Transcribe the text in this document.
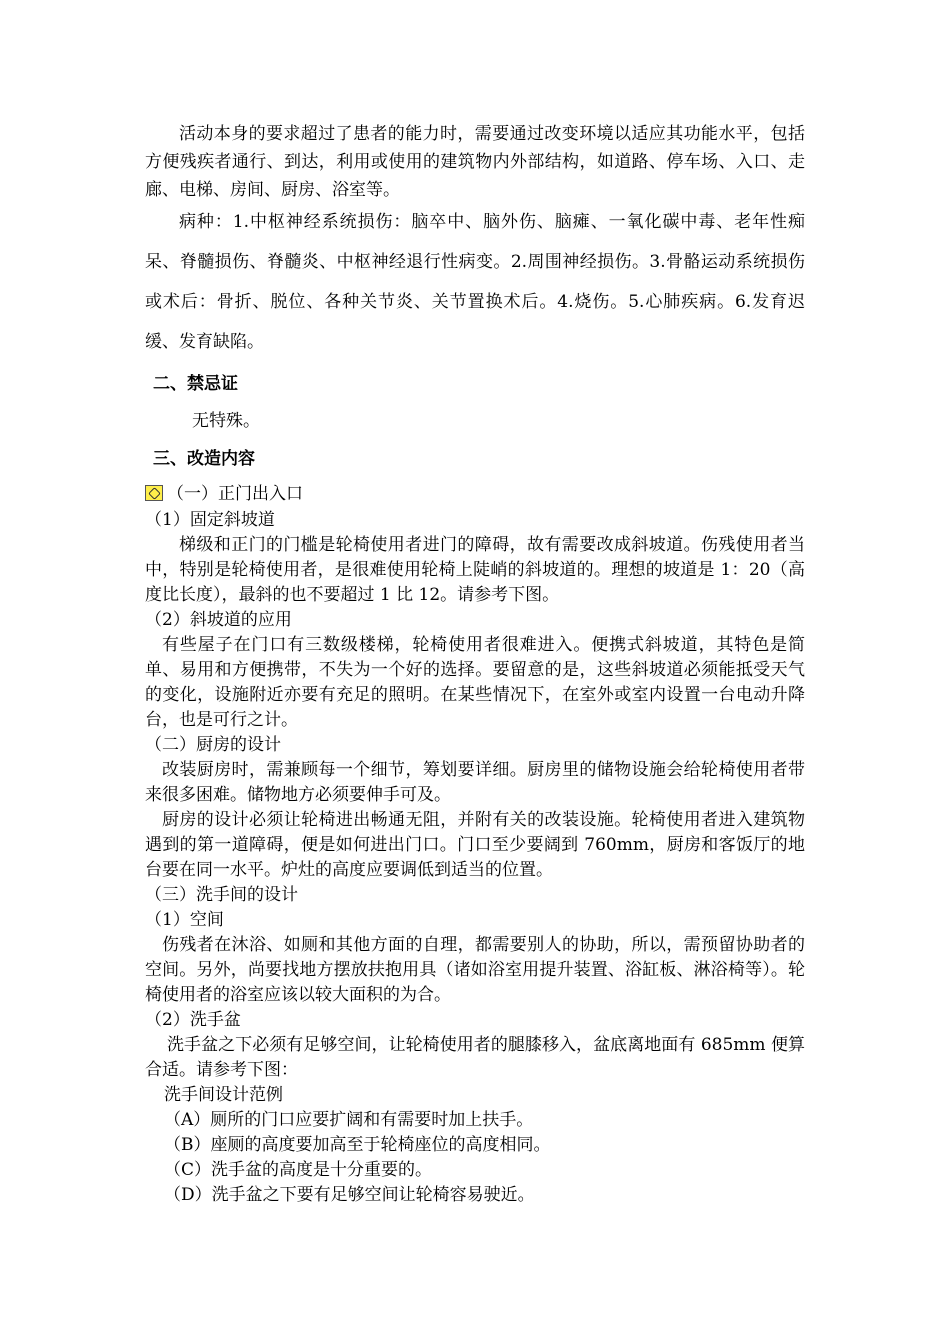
活动本身的要求超过了患者的能力时，需要通过改变环境以适应其功能水平，包括方便残疾者通行、到达，利用或使用的建筑物内外部结构，如道路、停车场、入口、走廊、电梯、房间、厨房、浴室等。

病种：1.中枢神经系统损伤：脑卒中、脑外伤、脑瘫、一氧化碳中毒、老年性痴呆、脊髓损伤、脊髓炎、中枢神经退行性病变。2.周围神经损伤。3.骨骼运动系统损伤或术后：骨折、脱位、各种关节炎、关节置换术后。4.烧伤。5.心肺疾病。6.发育迟缓、发育缺陷。

二、禁忌证
无特殊。
三、改造内容
（一）正门出入口
（1）固定斜坡道

梯级和正门的门槛是轮椅使用者进门的障碍，故有需要改成斜坡道。伤残使用者当中，特别是轮椅使用者，是很难使用轮椅上陡峭的斜坡道的。理想的坡道是 1：20（高度比长度），最斜的也不要超过 1 比 12。请参考下图。

（2）斜坡道的应用

有些屋子在门口有三数级楼梯，轮椅使用者很难进入。便携式斜坡道，其特色是简单、易用和方便携带，不失为一个好的选择。要留意的是，这些斜坡道必须能抵受天气的变化，设施附近亦要有充足的照明。在某些情况下，在室外或室内设置一台电动升降台，也是可行之计。

（二）厨房的设计

改装厨房时，需兼顾每一个细节，筹划要详细。厨房里的储物设施会给轮椅使用者带来很多困难。储物地方必须要伸手可及。

厨房的设计必须让轮椅进出畅通无阻，并附有关的改装设施。轮椅使用者进入建筑物遇到的第一道障碍，便是如何进出门口。门口至少要阔到 760mm，厨房和客饭厅的地台要在同一水平。炉灶的高度应要调低到适当的位置。

（三）洗手间的设计
（1）空间

伤残者在沐浴、如厕和其他方面的自理，都需要别人的协助，所以，需预留协助者的空间。另外，尚要找地方摆放扶抱用具（诸如浴室用提升装置、浴缸板、淋浴椅等）。轮椅使用者的浴室应该以较大面积的为合。

（2）洗手盆

洗手盆之下必须有足够空间，让轮椅使用者的腿膝移入，盆底离地面有 685mm 便算合适。请参考下图：

洗手间设计范例
（A）厕所的门口应要扩阔和有需要时加上扶手。
（B）座厕的高度要加高至于轮椅座位的高度相同。
（C）洗手盆的高度是十分重要的。
（D）洗手盆之下要有足够空间让轮椅容易驶近。
